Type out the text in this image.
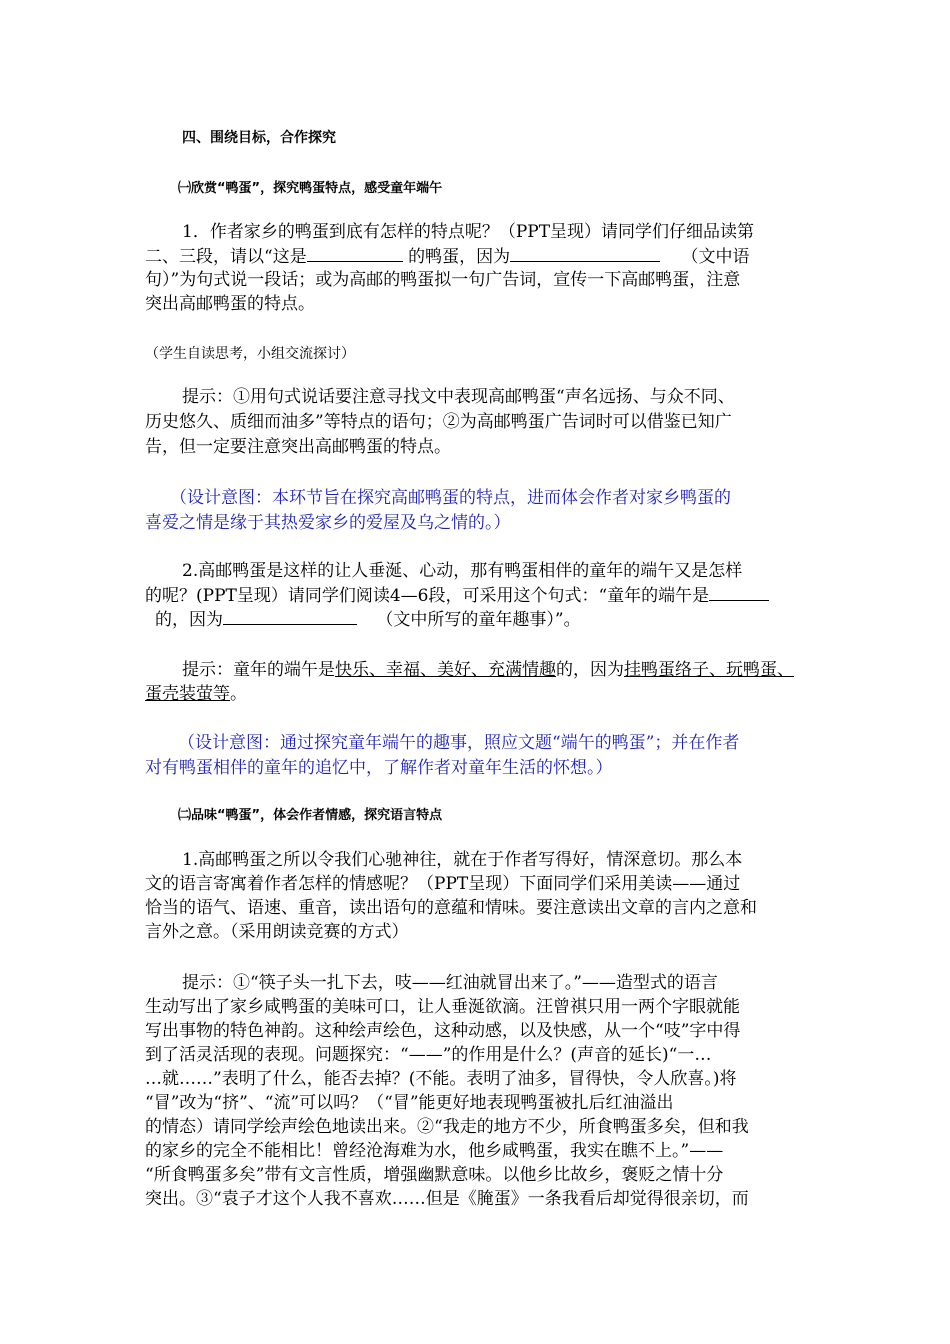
四、围绕目标，合作探究
㈠欣赏“鸭蛋”，探究鸭蛋特点，感受童年端午
1．作者家乡的鸭蛋到底有怎样的特点呢？（PPT呈现）请同学们仔细品读第
二、三段，请以“这是	的鸭蛋，因为	（文中语
句）”为句式说一段话；或为高邮的鸭蛋拟一句广告词，宣传一下高邮鸭蛋，注意
突出高邮鸭蛋的特点。
（学生自读思考，小组交流探讨）
提示：①用句式说话要注意寻找文中表现高邮鸭蛋“声名远扬、与众不同、
历史悠久、质细而油多”等特点的语句；②为高邮鸭蛋广告词时可以借鉴已知广
告，但一定要注意突出高邮鸭蛋的特点。
（设计意图：本环节旨在探究高邮鸭蛋的特点，进而体会作者对家乡鸭蛋的
喜爱之情是缘于其热爱家乡的爱屋及乌之情的。）
2.高邮鸭蛋是这样的让人垂涎、心动，那有鸭蛋相伴的童年的端午又是怎样
的呢？(PPT呈现）请同学们阅读4—6段，可采用这个句式：“童年的端午是
的，因为	（文中所写的童年趣事）”。
提示：童年的端午是快乐、幸福、美好、充满情趣的，因为挂鸭蛋络子、玩鸭蛋、
蛋壳装萤等。
（设计意图：通过探究童年端午的趣事，照应文题“端午的鸭蛋”；并在作者
对有鸭蛋相伴的童年的追忆中，了解作者对童年生活的怀想。）
㈡品味“鸭蛋”，体会作者情感，探究语言特点
1.高邮鸭蛋之所以令我们心驰神往，就在于作者写得好，情深意切。那么本
文的语言寄寓着作者怎样的情感呢？（PPT呈现）下面同学们采用美读——通过
恰当的语气、语速、重音，读出语句的意蕴和情味。要注意读出文章的言内之意和
言外之意。（采用朗读竞赛的方式）
提示：①“筷子头一扎下去，吱——红油就冒出来了。”——造型式的语言
生动写出了家乡咸鸭蛋的美味可口，让人垂涎欲滴。汪曾祺只用一两个字眼就能
写出事物的特色神韵。这种绘声绘色，这种动感，以及快感，从一个“吱”字中得
到了活灵活现的表现。问题探究：“——”的作用是什么？(声音的延长)“一…
…就……”表明了什么，能否去掉？(不能。表明了油多，冒得快，令人欣喜。)将
“冒”改为“挤”、“流”可以吗？（“冒”能更好地表现鸭蛋被扎后红油溢出
的情态）请同学绘声绘色地读出来。②“我走的地方不少，所食鸭蛋多矣，但和我
的家乡的完全不能相比！曾经沧海难为水，他乡咸鸭蛋，我实在瞧不上。”——
“所食鸭蛋多矣”带有文言性质，增强幽默意味。以他乡比故乡，褒贬之情十分
突出。③“袁子才这个人我不喜欢……但是《腌蛋》一条我看后却觉得很亲切，而
